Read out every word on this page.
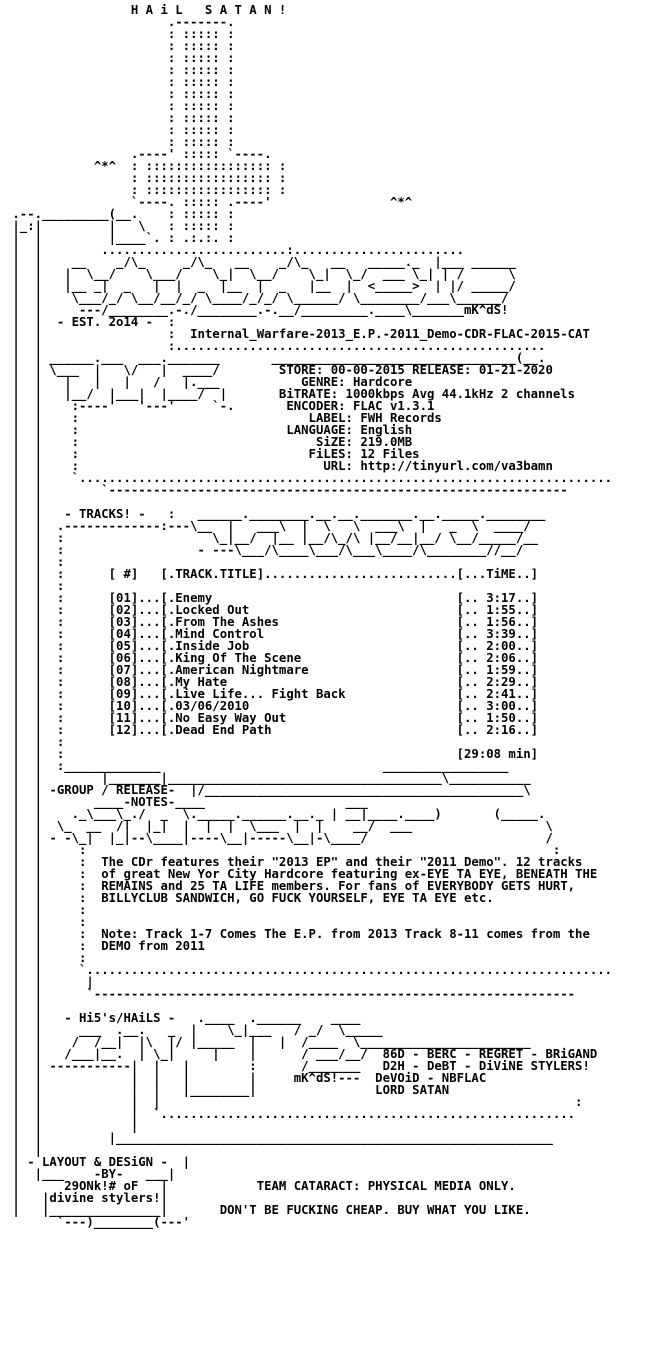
H A i L   S A T A N !
.-------.
: ::::: :
: ::::: :
: ::::: :
: ::::: :
: ::::: :
: ::::: :
: ::::: :
: ::::: :
: ::::: :
: ::::: :
.----' ::::: `----.
^*^  : ::::::::::::::::: :
: ::::::::::::::::: :
: ::::::::::::::::: :
`----. ::::: .----'                ^*^
.--._________(__.    : ::::: :
|_:|         |   \   : ::::: :
|  |         |____`. : .:.:. :
|  |        .........................:.......................
|  |    __    _/\_     _/\_   __    _/\_   __   _____._  |___ ______
|  |   |  \__/    \___/    \_|  \__/    \_|  \_/  ___ \_| | /      \
|  |   |__ _|  _   |  |  _  |__  |  _   |__  |  <_____>  | |/ _____/
|  |    \___/_/ \__/__/_/ \____/_/_/ \______/ \________/___\______/
|  |     ---/________.-./________.-.__/_________.____\_______mK^dS!
|  |  - EST. 2o14 -  :
|  |                 :  Internal_Warfare-2013_E.P.-2011_Demo-CDR-FLAC-2015-CAT
|  |                 :..................................................
|  | ______.___  ___._______       _________________________________(__.
|  | \___  |   \/   |  ____/        STORE: 00-00-2015 RELEASE: 01-21-2020
|  |   |   |   |   /   |.___           GENRE: Hardcore
|  |   |__/  |___|  |____/  |       BiTRATE: 1000kbps Avg 44.1kHz 2 channels
|  |    :----'   '---'     `-.       ENCODER: FLAC v1.3.1
|  |    :                               LABEL: FWH Records
|  |    :                            LANGUAGE: English
|  |    :                                SiZE: 219.0MB
|  |    :                               FiLES: 12 Files
|  |    :                                 URL: http://tinyurl.com/va3bamn
|  |    `........................................................................
|  |        `--------------------------------------------------------------
|  |
|  |   - TRACKS! -   :   ______.________.__.__._______.__._____.________
|  |  .-------------:---\__  |   ___\  |  \   \  ___\  |   _  \  ____/
|  |  :                    \_|__/  |__ |__/\_/\ |__/__|__/ \__/_____/__
|  |  :                  - ---\___/\____\___/\___\____/\________//__/
|  |  :
|  |  :      [ #]   [.TRACK.TITLE]..........................[...TiME..]
|  |  :
|  |  :      [01]...[.Enemy                                 [.. 3:17..]
|  |  :      [02]...[.Locked Out                            [.. 1:55..]
|  |  :      [03]...[.From The Ashes                        [.. 1:56..]
|  |  :      [04]...[.Mind Control                          [.. 3:39..]
|  |  :      [05]...[.Inside Job                            [.. 2:00..]
|  |  :      [06]...[.King Of The Scene                     [.. 2:06..]
|  |  :      [07]...[.American Nightmare                    [.. 1:59..]
|  |  :      [08]...[.My Hate                               [.. 2:29..]
|  |  :      [09]...[.Live Life... Fight Back               [.. 2:41..]
|  |  :      [10]...[.03/06/2010                            [.. 3:00..]
|  |  :      [11]...[.No Easy Way Out                       [.. 1:50..]
|  |  :      [12]...[.Dead End Path                         [.. 2:16..]
|  |  :
|  |  :                                                     [29:08 min]
|  |  :_____________                              _________________
|  |        |_______|_____________________________________\___________
|  | -GROUP / RELEASE-  |/___________________________________________\
|  |       ____-NOTES-____                   ___
|  |    ._\___\_./  _  \._____.______.__._ | __|____.____)       (_____.
|  |  \_  __  /|  |_|  |  |  |  \___  |  |    __/  ___                  \
|  | - -\_|  |_|--\____|----\__|-----\__|-\____/                        /
|  |     :                                                               :
|  |     :  The CDr features their "2013 EP" and their "2011 Demo". 12 tracks
|  |     :  of great New Yor City Hardcore featuring ex-EYE TA EYE, BENEATH THE
|  |     :  REMAINS and 25 TA LIFE members. For fans of EVERYBODY GETS HURT,
|  |     :  BILLYCLUB SANDWICH, GO FUCK YOURSELF, EYE TA EYE etc.
|  |     :
|  |     :
|  |     :  Note: Track 1-7 Comes The E.P. from 2013 Track 8-11 comes from the
|  |     :  DEMO from 2011
|  |     :
|  |     `.......................................................................
|  |      |
|  |      `-----------------------------------------------------------------
|  |
|  |   - Hi5's/HAiLS -   .____  .______    ____
|  |     ___  .__.   _  |    \_|___   / _/  \_____
|  |    /  /__|  |\  |/ |_____  |   |  /____  \_______________________
|  |   /___|__.  | \_|     |    |      / ___/__/  86D - BERC - REGRET - BRiGAND
|  | -----------|  |   |        :      /_______   D2H - DeBT - DiViNE STYLERS!
|  |            |  |   |        |     mK^dS!---  DeVOiD - NBFLAC
|  |            |  |   |________|                LORD SATAN
|  |            |  |                                                        :
|  |            |  `........................................................
|  |            |
|  |         |___________________________________________________________
|  |
| - LAYOUT & DESiGN -  |
|  |___    -BY-   ___|
|      29ONk!# oF   |            TEAM CATARACT: PHYSICAL MEDIA ONLY.
|   |divine stylers!|
|   |_______________|       DON'T BE FUCKING CHEAP. BUY WHAT YOU LIKE.
`---)________(---'
